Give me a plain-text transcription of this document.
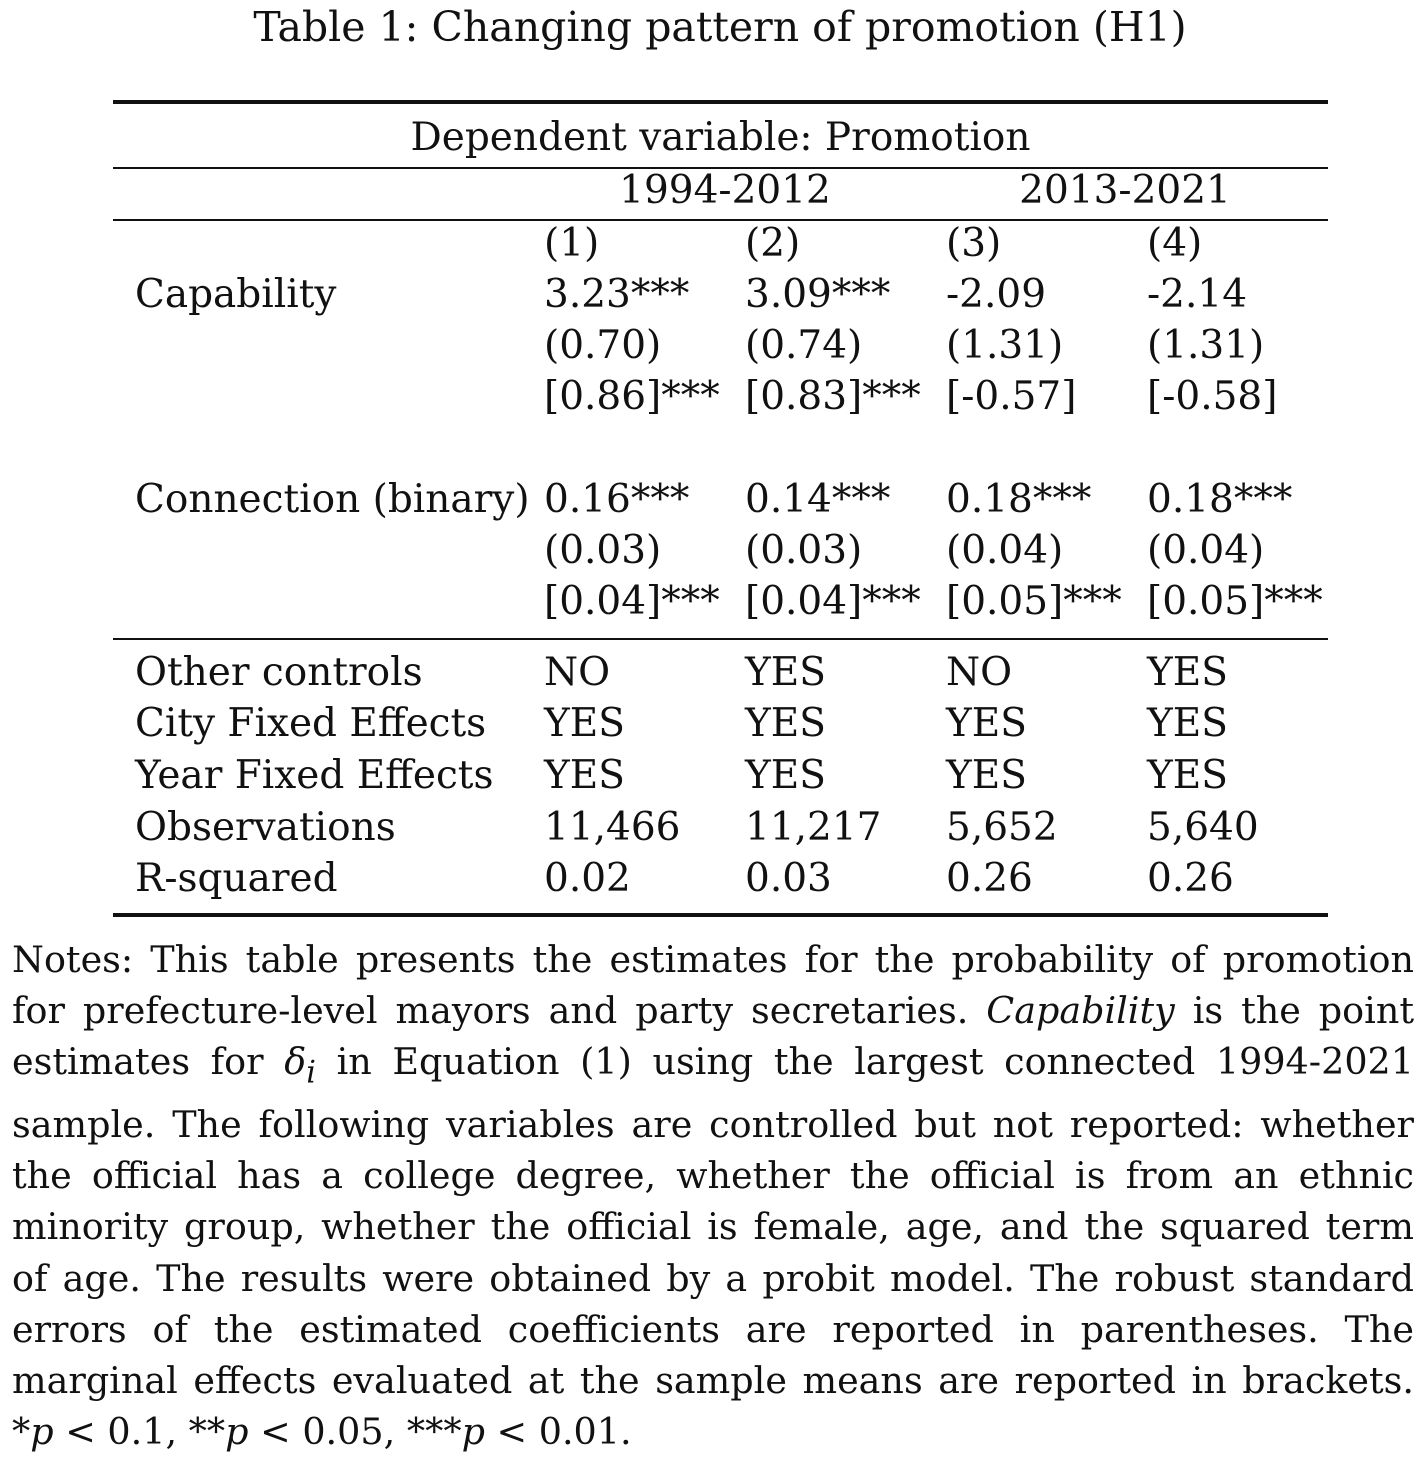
Table 1: Changing pattern of promotion (H1)
Dependent variable: Promotion
1994-2012	2013-2021
(1)	(2)	(3)	(4)
Capability	3.23*** 3.09*** -2.09	-2.14
(0.70) (0.74) (1.31) (1.31)
[0.86]*** [0.83]*** [-0.57] [-0.58]
Connection (binary) 0.16*** 0.14*** 0.18*** 0.18***
(0.03) (0.03) (0.04) (0.04)
[0.04]*** [0.04]*** [0.05]*** [0.05]***
Other controls	NO	YES	NO	YES
City Fixed Effects YES	YES	YES	YES
Year Fixed Effects YES	YES	YES	YES
Observations	11,466 11,217 5,652 5,640
R-squared	0.02	0.03	0.26	0.26
Notes: This table presents the estimates for the probability of promotion for prefecture-level mayors and party secretaries. Capability is the point estimates for $\delta_i$ in Equation (1) using the largest connected 1994-2021 sample. The following variables are controlled but not reported: whether the official has a college degree, whether the official is from an ethnic minority group, whether the official is female, age, and the squared term of age. The results were obtained by a probit model. The robust standard errors of the estimated coefficients are reported in parentheses. The marginal effects evaluated at the sample means are reported in brackets. *p < 0.1, **p < 0.05, ***p < 0.01.
